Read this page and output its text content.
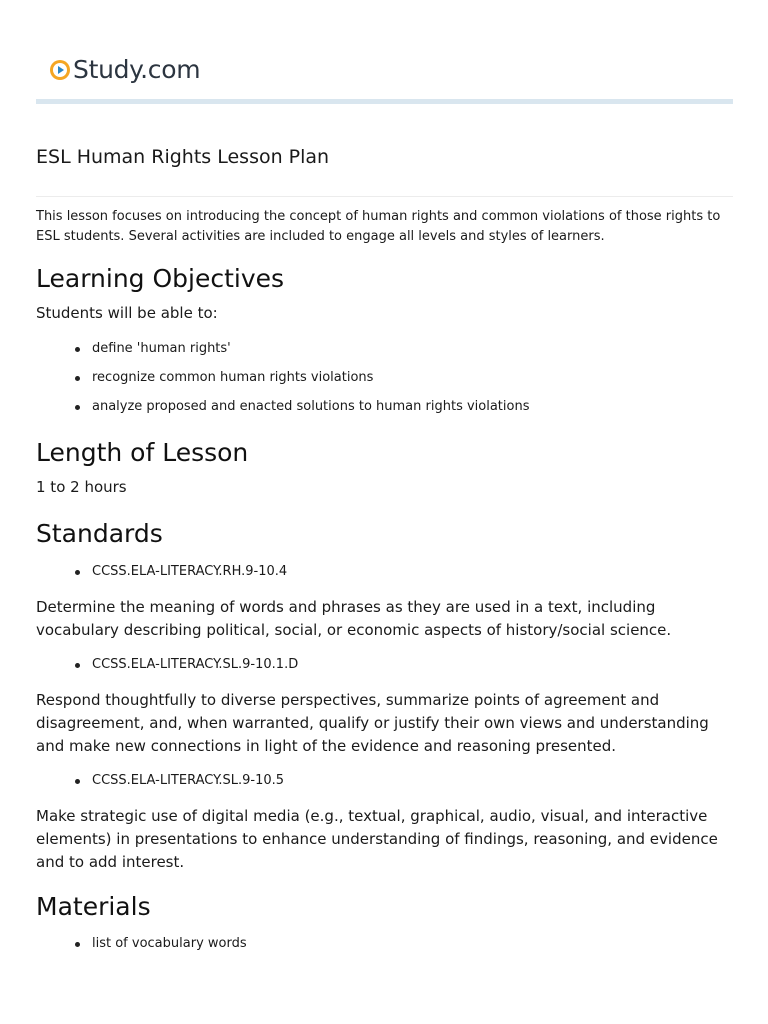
Study.com
ESL Human Rights Lesson Plan

This lesson focuses on introducing the concept of human rights and common violations of those rights to ESL students. Several activities are included to engage all levels and styles of learners.

Learning Objectives

Students will be able to:

define 'human rights'
recognize common human rights violations
analyze proposed and enacted solutions to human rights violations
Length of Lesson

1 to 2 hours

Standards
CCSS.ELA-LITERACY.RH.9-10.4

Determine the meaning of words and phrases as they are used in a text, including vocabulary describing political, social, or economic aspects of history/social science.

CCSS.ELA-LITERACY.SL.9-10.1.D

Respond thoughtfully to diverse perspectives, summarize points of agreement and disagreement, and, when warranted, qualify or justify their own views and understanding and make new connections in light of the evidence and reasoning presented.

CCSS.ELA-LITERACY.SL.9-10.5

Make strategic use of digital media (e.g., textual, graphical, audio, visual, and interactive elements) in presentations to enhance understanding of findings, reasoning, and evidence and to add interest.

Materials
list of vocabulary words
